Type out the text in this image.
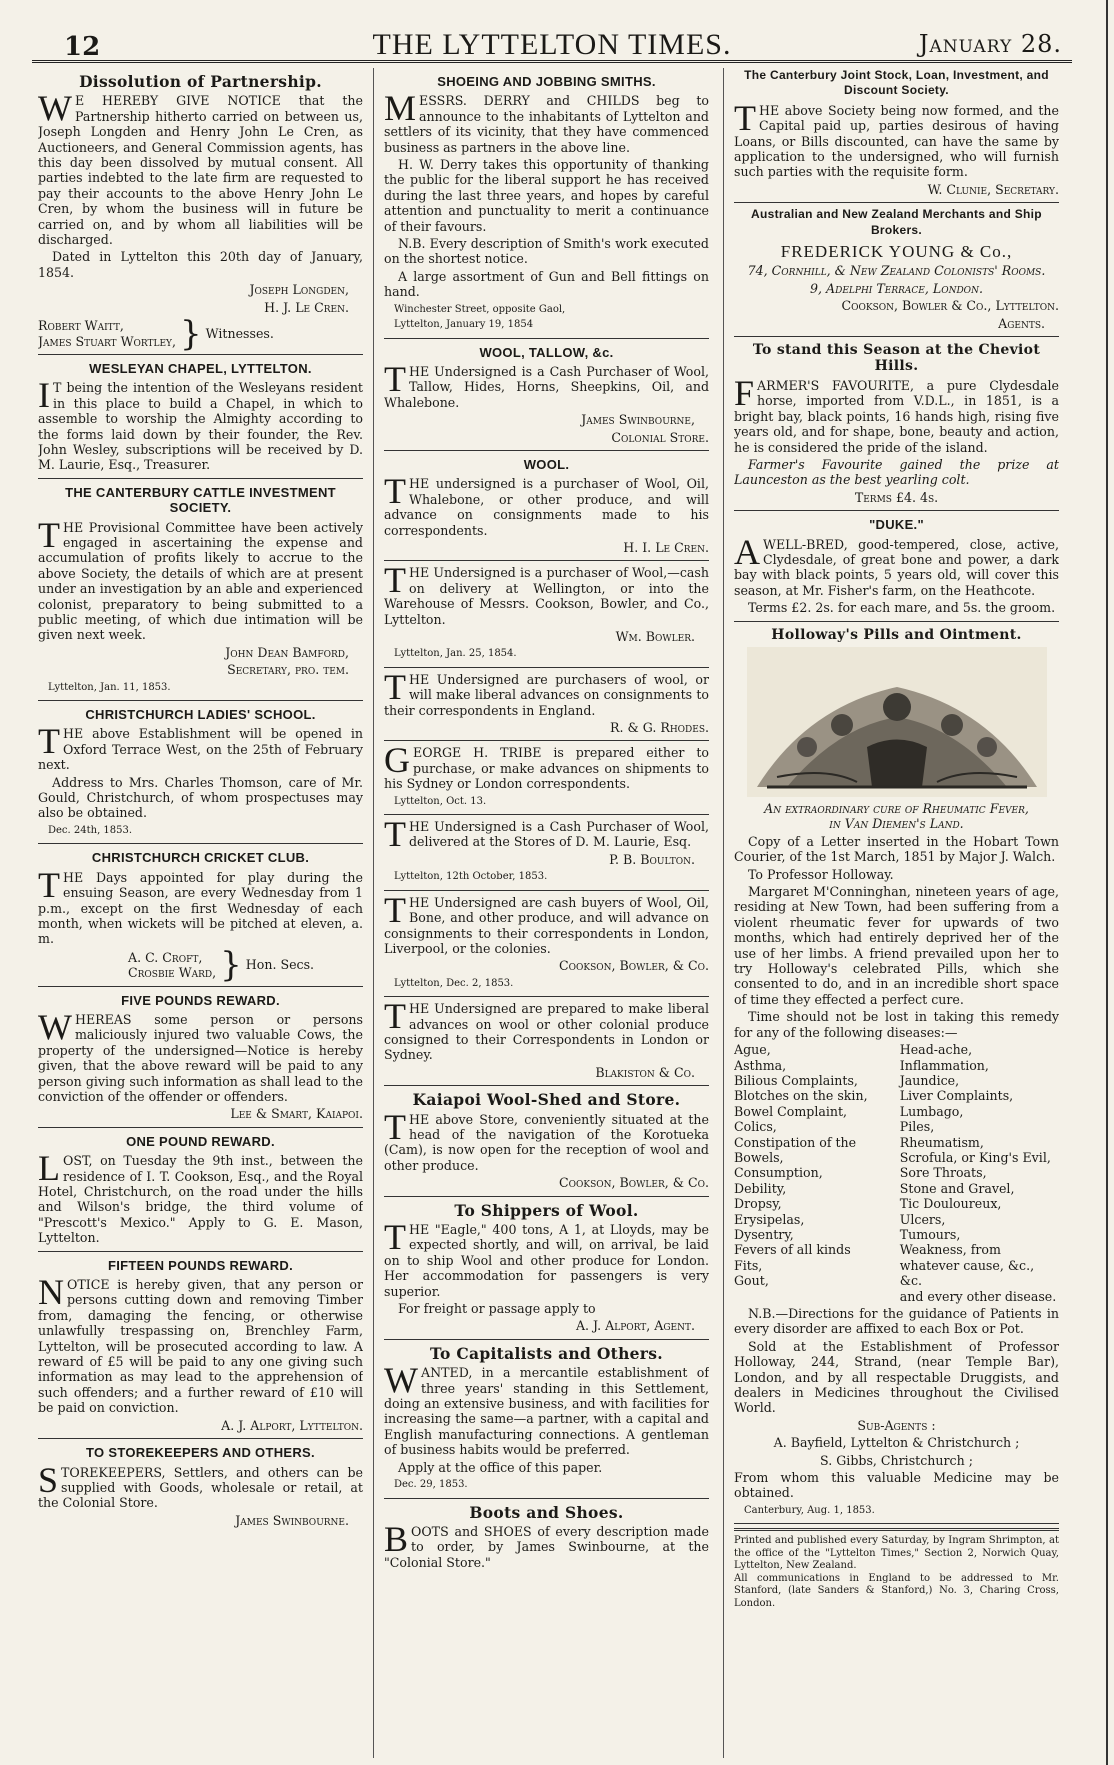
12	THE LYTTELTON TIMES.	January 28.
Dissolution of Partnership.

WE HEREBY GIVE NOTICE that the Partnership hitherto carried on between us, Joseph Longden and Henry John Le Cren, as Auctioneers, and General Commission agents, has this day been dissolved by mutual consent. All parties indebted to the late firm are requested to pay their accounts to the above Henry John Le Cren, by whom the business will in future be carried on, and by whom all liabilities will be discharged.

Dated in Lyttelton this 20th day of January, 1854.
Joseph Longden,
H. J. Le Cren.
Robert Waitt,
James Stuart Wortley, } Witnesses.
WESLEYAN CHAPEL, LYTTELTON.

IT being the intention of the Wesleyans resident in this place to build a Chapel, in which to assemble to worship the Almighty according to the forms laid down by their founder, the Rev. John Wesley, subscriptions will be received by D. M. Laurie, Esq., Treasurer.

THE CANTERBURY CATTLE INVESTMENT SOCIETY.

THE Provisional Committee have been actively engaged in ascertaining the expense and accumulation of profits likely to accrue to the above Society, the details of which are at present under an investigation by an able and experienced colonist, preparatory to being submitted to a public meeting, of which due intimation will be given next week.

John Dean Bamford,
Secretary, pro. tem.
Lyttelton, Jan. 11, 1853.
CHRISTCHURCH LADIES' SCHOOL.

THE above Establishment will be opened in Oxford Terrace West, on the 25th of February next.

Address to Mrs. Charles Thomson, care of Mr. Gould, Christchurch, of whom prospectuses may also be obtained.
Dec. 24th, 1853.
CHRISTCHURCH CRICKET CLUB.

THE Days appointed for play during the ensuing Season, are every Wednesday from 1 p.m., except on the first Wednesday of each month, when wickets will be pitched at eleven, a. m.

A. C. Croft,
Crosbie Ward, } Hon. Secs.
FIVE POUNDS REWARD.

WHEREAS some person or persons maliciously injured two valuable Cows, the property of the undersigned—Notice is hereby given, that the above reward will be paid to any person giving such information as shall lead to the conviction of the offender or offenders.

Lee & Smart, Kaiapoi.
ONE POUND REWARD.

LOST, on Tuesday the 9th inst., between the residence of I. T. Cookson, Esq., and the Royal Hotel, Christchurch, on the road under the hills and Wilson's bridge, the third volume of "Prescott's Mexico." Apply to G. E. Mason, Lyttelton.

FIFTEEN POUNDS REWARD.

NOTICE is hereby given, that any person or persons cutting down and removing Timber from, damaging the fencing, or otherwise unlawfully trespassing on, Brenchley Farm, Lyttelton, will be prosecuted according to law. A reward of £5 will be paid to any one giving such information as may lead to the apprehension of such offenders; and a further reward of £10 will be paid on conviction.

A. J. Alport, Lyttelton.
TO STOREKEEPERS AND OTHERS.

STOREKEEPERS, Settlers, and others can be supplied with Goods, wholesale or retail, at the Colonial Store.

James Swinbourne.
SHOEING AND JOBBING SMITHS.

MESSRS. DERRY and CHILDS beg to announce to the inhabitants of Lyttelton and settlers of its vicinity, that they have commenced business as partners in the above line.

H. W. Derry takes this opportunity of thanking the public for the liberal support he has received during the last three years, and hopes by careful attention and punctuality to merit a continuance of their favours.
N.B. Every description of Smith's work executed on the shortest notice.
A large assortment of Gun and Bell fittings on hand.
Winchester Street, opposite Gaol,
Lyttelton, January 19, 1854
WOOL, TALLOW, &c.

THE Undersigned is a Cash Purchaser of Wool, Tallow, Hides, Horns, Sheepkins, Oil, and Whalebone.

James Swinbourne,
Colonial Store.
WOOL.

THE undersigned is a purchaser of Wool, Oil, Whalebone, or other produce, and will advance on consignments made to his correspondents.

H. I. Le Cren.

THE Undersigned is a purchaser of Wool,—cash on delivery at Wellington, or into the Warehouse of Messrs. Cookson, Bowler, and Co., Lyttelton.

Wm. Bowler.
Lyttelton, Jan. 25, 1854.

THE Undersigned are purchasers of wool, or will make liberal advances on consignments to their correspondents in England.

R. & G. Rhodes.

GEORGE H. TRIBE is prepared either to purchase, or make advances on shipments to his Sydney or London correspondents.

Lyttelton, Oct. 13.

THE Undersigned is a Cash Purchaser of Wool, delivered at the Stores of D. M. Laurie, Esq.

P. B. Boulton.
Lyttelton, 12th October, 1853.

THE Undersigned are cash buyers of Wool, Oil, Bone, and other produce, and will advance on consignments to their correspondents in London, Liverpool, or the colonies.

Cookson, Bowler, & Co.
Lyttelton, Dec. 2, 1853.

THE Undersigned are prepared to make liberal advances on wool or other colonial produce consigned to their Correspondents in London or Sydney.

Blakiston & Co.
Kaiapoi Wool-Shed and Store.

THE above Store, conveniently situated at the head of the navigation of the Korotueka (Cam), is now open for the reception of wool and other produce.

Cookson, Bowler, & Co.
To Shippers of Wool.

THE "Eagle," 400 tons, A 1, at Lloyds, may be expected shortly, and will, on arrival, be laid on to ship Wool and other produce for London. Her accommodation for passengers is very superior.

For freight or passage apply to
A. J. Alport, Agent.
To Capitalists and Others.

WANTED, in a mercantile establishment of three years' standing in this Settlement, doing an extensive business, and with facilities for increasing the same—a partner, with a capital and English manufacturing connections. A gentleman of business habits would be preferred.

Apply at the office of this paper.
Dec. 29, 1853.
Boots and Shoes.

BOOTS and SHOES of every description made to order, by James Swinbourne, at the "Colonial Store."

The Canterbury Joint Stock, Loan, Investment, and Discount Society.

THE above Society being now formed, and the Capital paid up, parties desirous of having Loans, or Bills discounted, can have the same by application to the undersigned, who will furnish such parties with the requisite form.

W. Clunie, Secretary.
Australian and New Zealand Merchants and Ship Brokers.
FREDERICK YOUNG & Co.,
74, Cornhill, & New Zealand Colonists' Rooms.
9, Adelphi Terrace, London.
Cookson, Bowler & Co., Lyttelton.
Agents.
To stand this Season at the Cheviot Hills.

FARMER'S FAVOURITE, a pure Clydesdale horse, imported from V.D.L., in 1851, is a bright bay, black points, 16 hands high, rising five years old, and for shape, bone, beauty and action, he is considered the pride of the island.

Farmer's Favourite gained the prize at Launceston as the best yearling colt.
Terms £4. 4s.
"DUKE."

AWELL-BRED, good-tempered, close, active, Clydesdale, of great bone and power, a dark bay with black points, 5 years old, will cover this season, at Mr. Fisher's farm, on the Heathcote.

Terms £2. 2s. for each mare, and 5s. the groom.
Holloway's Pills and Ointment.
An extraordinary cure of Rheumatic Fever,
in Van Diemen's Land.
Copy of a Letter inserted in the Hobart Town Courier, of the 1st March, 1851 by Major J. Walch.
To Professor Holloway.
Margaret M'Conninghan, nineteen years of age, residing at New Town, had been suffering from a violent rheumatic fever for upwards of two months, which had entirely deprived her of the use of her limbs. A friend prevailed upon her to try Holloway's celebrated Pills, which she consented to do, and in an incredible short space of time they effected a perfect cure.
Time should not be lost in taking this remedy for any of the following diseases:—
Ague,
Asthma,
Bilious Complaints,
Blotches on the skin,
Bowel Complaint,
Colics,
Constipation of the Bowels,
Consumption,
Debility,
Dropsy,
Erysipelas,
Dysentry,
Fevers of all kinds
Fits,
Gout,
Head-ache,
Inflammation,
Jaundice,
Liver Complaints,
Lumbago,
Piles,
Rheumatism,
Scrofula, or King's Evil,
Sore Throats,
Stone and Gravel,
Tic Douloureux,
Ulcers,
Tumours,
Weakness, from whatever cause, &c., &c.
and every other disease.
N.B.—Directions for the guidance of Patients in every disorder are affixed to each Box or Pot.
Sold at the Establishment of Professor Holloway, 244, Strand, (near Temple Bar), London, and by all respectable Druggists, and dealers in Medicines throughout the Civilised World.
Sub-Agents :
A. Bayfield, Lyttelton & Christchurch ;
S. Gibbs, Christchurch ;
From whom this valuable Medicine may be obtained.
Canterbury, Aug. 1, 1853.
Printed and published every Saturday, by Ingram Shrimpton, at the office of the "Lyttelton Times," Section 2, Norwich Quay, Lyttelton, New Zealand.
All communications in England to be addressed to Mr. Stanford, (late Sanders & Stanford,) No. 3, Charing Cross, London.
